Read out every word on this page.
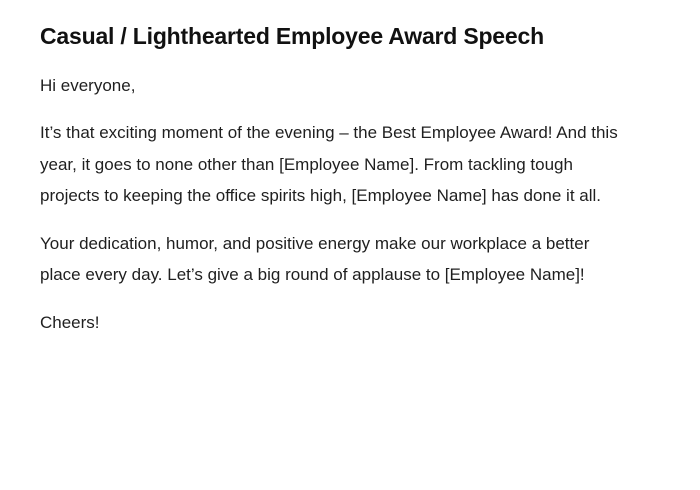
Casual / Lighthearted Employee Award Speech

Hi everyone,

It’s that exciting moment of the evening – the Best Employee Award! And this year, it goes to none other than [Employee Name]. From tackling tough projects to keeping the office spirits high, [Employee Name] has done it all.

Your dedication, humor, and positive energy make our workplace a better place every day. Let’s give a big round of applause to [Employee Name]!

Cheers!
